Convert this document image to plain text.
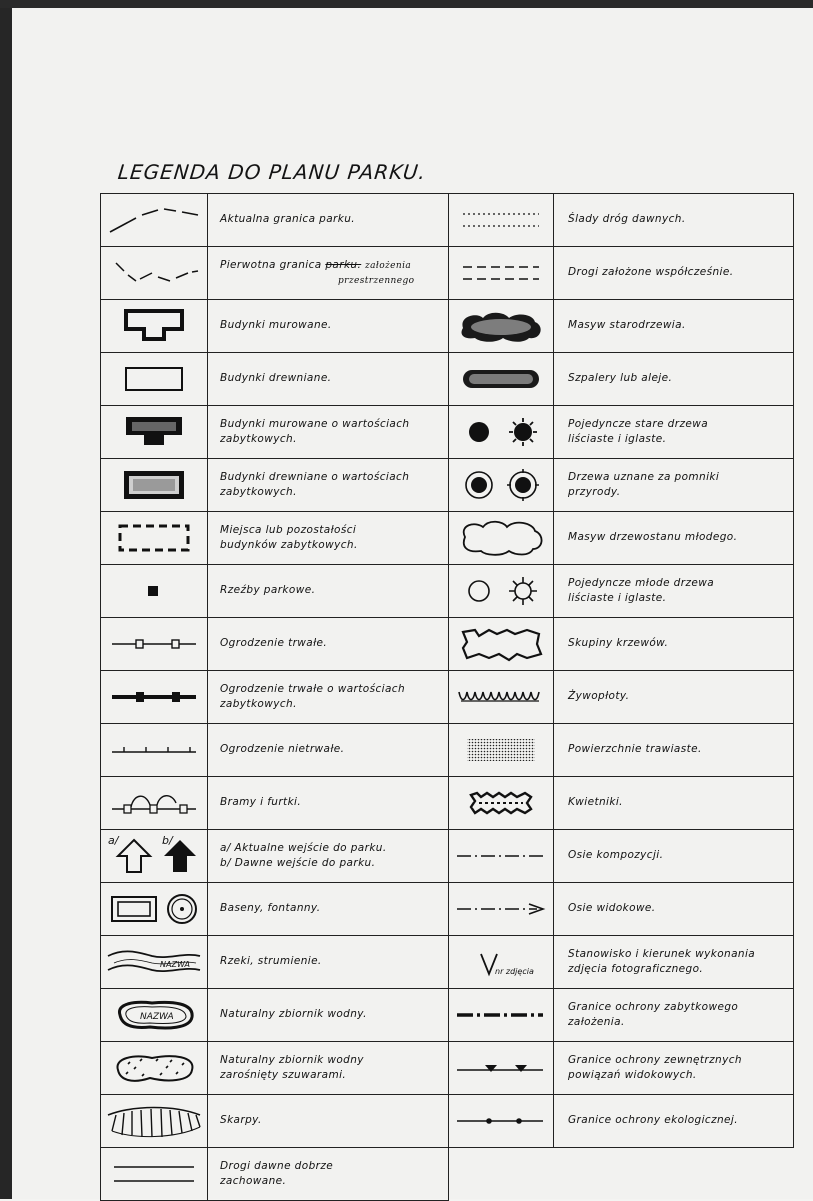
LEGENDA DO PLANU PARKU.
	Aktualna granica parku.		Ślady dróg dawnych.

	Pierwotna granica parku. założenia
przestrzennego		Drogi założone współcześnie.

	Budynki murowane.		Masyw starodrzewia.

	Budynki drewniane.		Szpalery lub aleje.

	Budynki murowane o wartościach
zabytkowych.		Pojedyncze stare drzewa
liściaste i iglaste.

	Budynki drewniane o wartościach
zabytkowych.		Drzewa uznane za pomniki
przyrody.

	Miejsca lub pozostałości
budynków zabytkowych.		Masyw drzewostanu młodego.

	Rzeźby parkowe.		Pojedyncze młode drzewa
liściaste i iglaste.

	Ogrodzenie trwałe.		Skupiny krzewów.

	Ogrodzenie trwałe o wartościach
zabytkowych.		Żywopłoty.

	Ogrodzenie nietrwałe.		Powierzchnie trawiaste.

	Bramy i furtki.		Kwietniki.

a/ b/	a/ Aktualne wejście do parku.
b/ Dawne wejście do parku.		Osie kompozycji.

	Baseny, fontanny.		Osie widokowe.

NAZWA	Rzeki, strumienie.	nr zdjęcia	Stanowisko i kierunek wykonania
zdjęcia fotograficznego.

NAZWA	Naturalny zbiornik wodny.		Granice ochrony zabytkowego
założenia.

	Naturalny zbiornik wodny
zarośnięty szuwarami.		Granice ochrony zewnętrznych
powiązań widokowych.

	Skarpy.		Granice ochrony ekologicznej.

	Drogi dawne dobrze
zachowane.		
